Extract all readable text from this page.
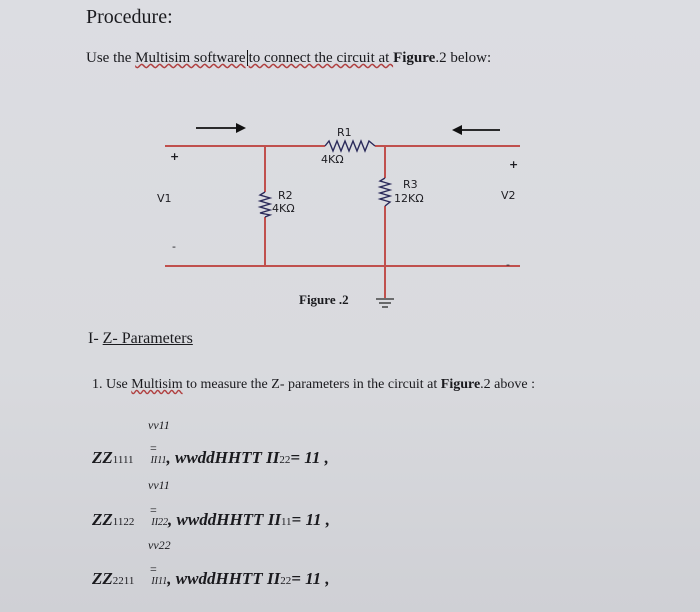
Procedure:
Use the Multisim software to connect the circuit at Figure.2 below:
R1
4KΩ
R2
4KΩ
R3
12KΩ
V1	V2
+
+
-
-
Figure .2
I- Z- Parameters
1. Use Multisim to measure the Z- parameters in the circuit at Figure.2 above :
vv11
=
ZZ1111 II11, wwddHHTT II22= 11 ,
vv11
=
ZZ1122 II22, wwddHHTT II11= 11 ,
vv22
=
ZZ2211 II11, wwddHHTT II22= 11 ,
